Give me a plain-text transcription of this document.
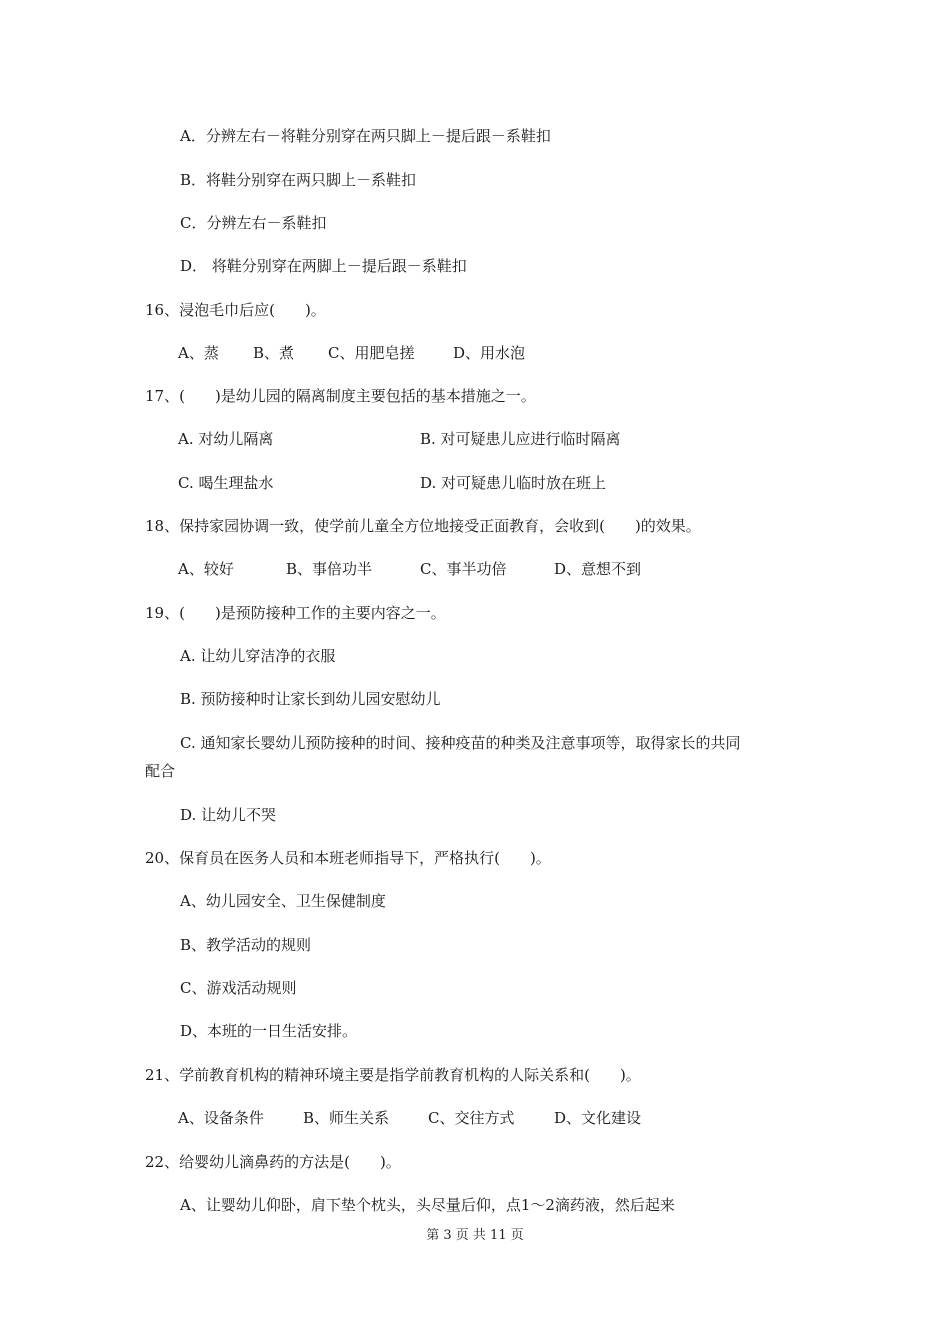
A．分辨左右－将鞋分别穿在两只脚上－提后跟－系鞋扣
B．将鞋分别穿在两只脚上－系鞋扣
C．分辨左右－系鞋扣
D． 将鞋分别穿在两脚上－提后跟－系鞋扣
16、浸泡毛巾后应(　　)。
A、蒸 B、煮 C、用肥皂搓	D、用水泡
17、(　　)是幼儿园的隔离制度主要包括的基本措施之一。
A. 对幼儿隔离	B. 对可疑患儿应进行临时隔离
C. 喝生理盐水	D. 对可疑患儿临时放在班上
18、保持家园协调一致，使学前儿童全方位地接受正面教育，会收到(　　)的效果。
A、较好	B、事倍功半	C、事半功倍	D、意想不到
19、(　　)是预防接种工作的主要内容之一。
A. 让幼儿穿洁净的衣服
B. 预防接种时让家长到幼儿园安慰幼儿
C. 通知家长婴幼儿预防接种的时间、接种疫苗的种类及注意事项等，取得家长的共同
配合
D. 让幼儿不哭
20、保育员在医务人员和本班老师指导下，严格执行(　　)。
A、幼儿园安全、卫生保健制度
B、教学活动的规则
C、游戏活动规则
D、本班的一日生活安排。
21、学前教育机构的精神环境主要是指学前教育机构的人际关系和(　　)。
A、设备条件	B、师生关系	C、交往方式	D、文化建设
22、给婴幼儿滴鼻药的方法是(　　)。
A、让婴幼儿仰卧，肩下垫个枕头，头尽量后仰，点1～2滴药液，然后起来
第 3 页 共 11 页
